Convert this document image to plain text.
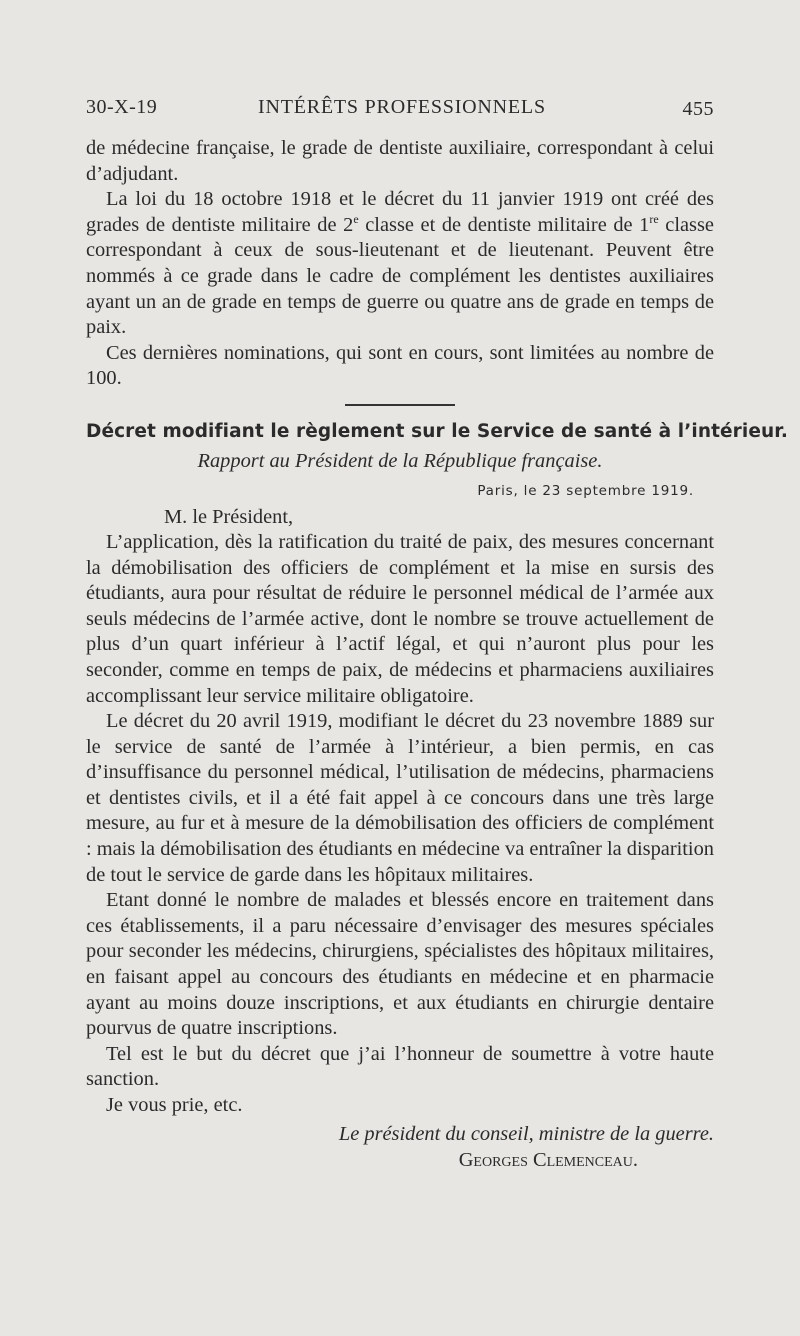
30-X-19	INTÉRÊTS PROFESSIONNELS	455

de médecine française, le grade de dentiste auxiliaire, correspondant à celui d’adjudant.

La loi du 18 octobre 1918 et le décret du 11 janvier 1919 ont créé des grades de dentiste militaire de 2e classe et de dentiste militaire de 1re classe correspondant à ceux de sous-lieutenant et de lieutenant. Peuvent être nommés à ce grade dans le cadre de complément les dentistes auxiliaires ayant un an de grade en temps de guerre ou quatre ans de grade en temps de paix.

Ces dernières nominations, qui sont en cours, sont limitées au nombre de 100.

Décret modifiant le règlement sur le Service de santé à l’intérieur.
Rapport au Président de la République française.
Paris, le 23 septembre 1919.
M. le Président,

L’application, dès la ratification du traité de paix, des mesures concernant la démobilisation des officiers de complément et la mise en sursis des étudiants, aura pour résultat de réduire le personnel médical de l’armée aux seuls médecins de l’armée active, dont le nombre se trouve actuellement de plus d’un quart inférieur à l’actif légal, et qui n’auront plus pour les seconder, comme en temps de paix, de médecins et pharmaciens auxiliaires accomplissant leur service militaire obligatoire.

Le décret du 20 avril 1919, modifiant le décret du 23 novembre 1889 sur le service de santé de l’armée à l’intérieur, a bien permis, en cas d’insuffisance du personnel médical, l’utilisation de médecins, pharmaciens et dentistes civils, et il a été fait appel à ce concours dans une très large mesure, au fur et à mesure de la démobilisation des officiers de complément : mais la démobilisation des étudiants en médecine va entraîner la disparition de tout le service de garde dans les hôpitaux militaires.

Etant donné le nombre de malades et blessés encore en traitement dans ces établissements, il a paru nécessaire d’envisager des mesures spéciales pour seconder les médecins, chirurgiens, spécialistes des hôpitaux militaires, en faisant appel au concours des étudiants en médecine et en pharmacie ayant au moins douze inscriptions, et aux étudiants en chirurgie dentaire pourvus de quatre inscriptions.

Tel est le but du décret que j’ai l’honneur de soumettre à votre haute sanction.

Je vous prie, etc.

Le président du conseil, ministre de la guerre.
Georges Clemenceau.
